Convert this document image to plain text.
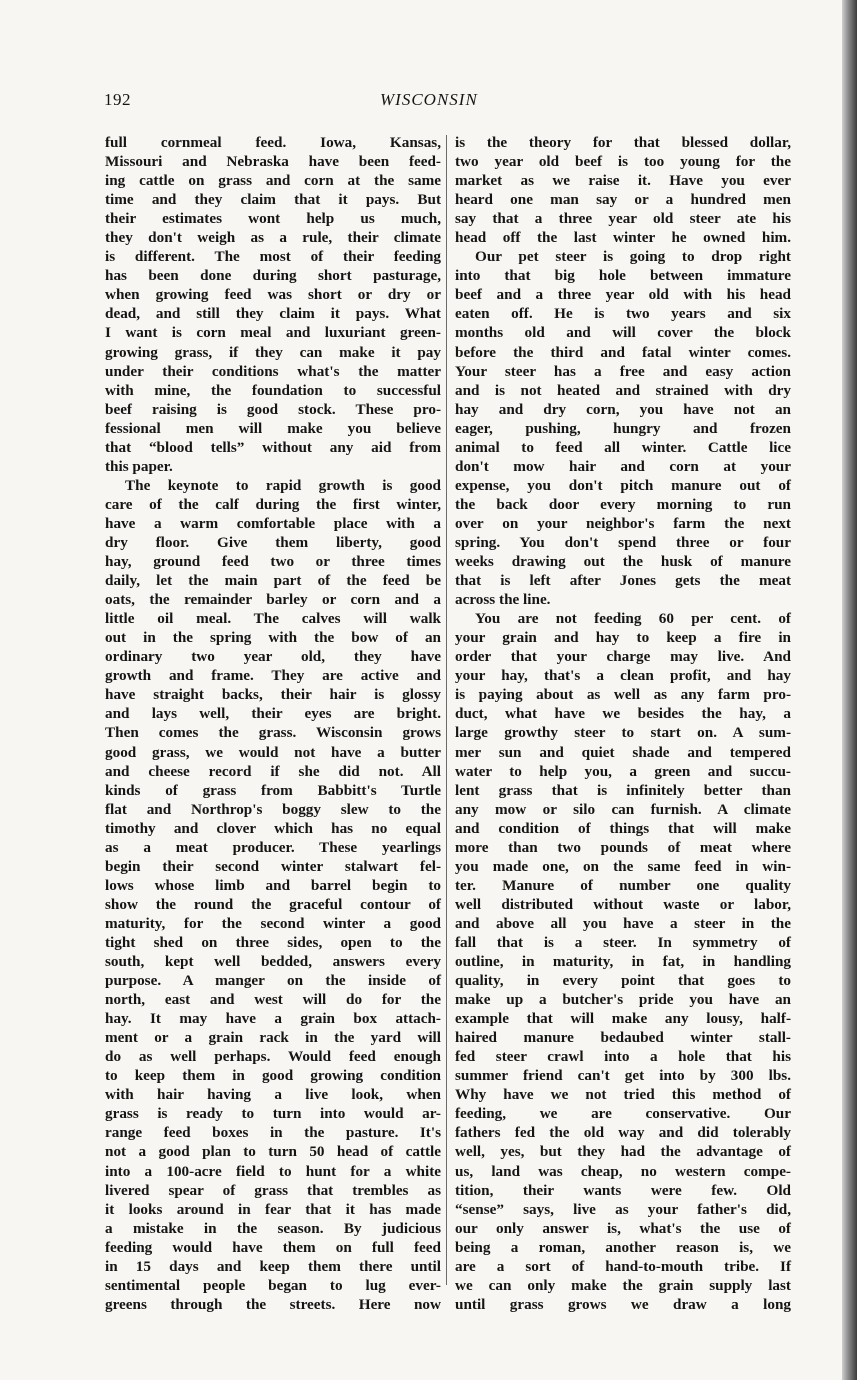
192	WISCONSIN
full cornmeal feed. Iowa, Kansas,
Missouri and Nebraska have been feed-
ing cattle on grass and corn at the same
time and they claim that it pays. But
their estimates wont help us much,
they don't weigh as a rule, their climate
is different. The most of their feeding
has been done during short pasturage,
when growing feed was short or dry or
dead, and still they claim it pays. What
I want is corn meal and luxuriant green-
growing grass, if they can make it pay
under their conditions what's the matter
with mine, the foundation to successful
beef raising is good stock. These pro-
fessional men will make you believe
that “blood tells” without any aid from
this paper.
The keynote to rapid growth is good
care of the calf during the first winter,
have a warm comfortable place with a
dry floor. Give them liberty, good
hay, ground feed two or three times
daily, let the main part of the feed be
oats, the remainder barley or corn and a
little oil meal. The calves will walk
out in the spring with the bow of an
ordinary two year old, they have
growth and frame. They are active and
have straight backs, their hair is glossy
and lays well, their eyes are bright.
Then comes the grass. Wisconsin grows
good grass, we would not have a butter
and cheese record if she did not. All
kinds of grass from Babbitt's Turtle
flat and Northrop's boggy slew to the
timothy and clover which has no equal
as a meat producer. These yearlings
begin their second winter stalwart fel-
lows whose limb and barrel begin to
show the round the graceful contour of
maturity, for the second winter a good
tight shed on three sides, open to the
south, kept well bedded, answers every
purpose. A manger on the inside of
north, east and west will do for the
hay. It may have a grain box attach-
ment or a grain rack in the yard will
do as well perhaps. Would feed enough
to keep them in good growing condition
with hair having a live look, when
grass is ready to turn into would ar-
range feed boxes in the pasture. It's
not a good plan to turn 50 head of cattle
into a 100-acre field to hunt for a white
livered spear of grass that trembles as
it looks around in fear that it has made
a mistake in the season. By judicious
feeding would have them on full feed
in 15 days and keep them there until
sentimental people began to lug ever-
greens through the streets. Here now
is the theory for that blessed dollar,
two year old beef is too young for the
market as we raise it. Have you ever
heard one man say or a hundred men
say that a three year old steer ate his
head off the last winter he owned him.
Our pet steer is going to drop right
into that big hole between immature
beef and a three year old with his head
eaten off. He is two years and six
months old and will cover the block
before the third and fatal winter comes.
Your steer has a free and easy action
and is not heated and strained with dry
hay and dry corn, you have not an
eager, pushing, hungry and frozen
animal to feed all winter. Cattle lice
don't mow hair and corn at your
expense, you don't pitch manure out of
the back door every morning to run
over on your neighbor's farm the next
spring. You don't spend three or four
weeks drawing out the husk of manure
that is left after Jones gets the meat
across the line.
You are not feeding 60 per cent. of
your grain and hay to keep a fire in
order that your charge may live. And
your hay, that's a clean profit, and hay
is paying about as well as any farm pro-
duct, what have we besides the hay, a
large growthy steer to start on. A sum-
mer sun and quiet shade and tempered
water to help you, a green and succu-
lent grass that is infinitely better than
any mow or silo can furnish. A climate
and condition of things that will make
more than two pounds of meat where
you made one, on the same feed in win-
ter. Manure of number one quality
well distributed without waste or labor,
and above all you have a steer in the
fall that is a steer. In symmetry of
outline, in maturity, in fat, in handling
quality, in every point that goes to
make up a butcher's pride you have an
example that will make any lousy, half-
haired manure bedaubed winter stall-
fed steer crawl into a hole that his
summer friend can't get into by 300 lbs.
Why have we not tried this method of
feeding, we are conservative. Our
fathers fed the old way and did tolerably
well, yes, but they had the advantage of
us, land was cheap, no western compe-
tition, their wants were few. Old
“sense” says, live as your father's did,
our only answer is, what's the use of
being a roman, another reason is, we
are a sort of hand-to-mouth tribe. If
we can only make the grain supply last
until grass grows we draw a long
